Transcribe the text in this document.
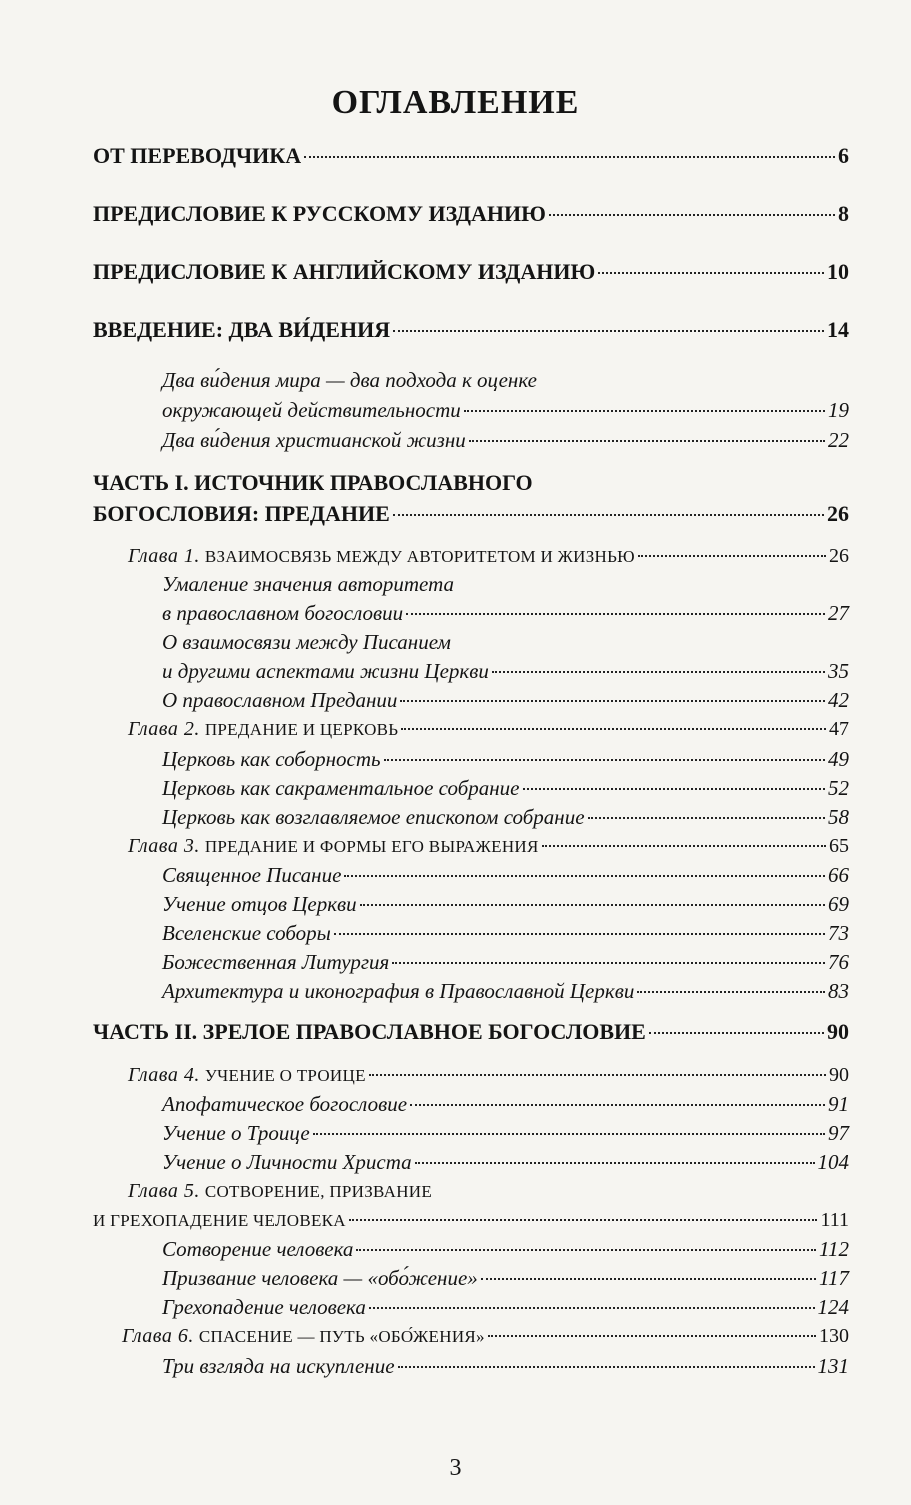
ОГЛАВЛЕНИЕ
ОТ ПЕРЕВОДЧИКА	6
ПРЕДИСЛОВИЕ К РУССКОМУ ИЗДАНИЮ	8
ПРЕДИСЛОВИЕ К АНГЛИЙСКОМУ ИЗДАНИЮ	10
ВВЕДЕНИЕ: ДВА ВИ́ДЕНИЯ	14
Два ви́дения мира — два подхода к оценке
окружающей действительности	19
Два ви́дения христианской жизни	22
ЧАСТЬ I. ИСТОЧНИК ПРАВОСЛАВНОГО
БОГОСЛОВИЯ: ПРЕДАНИЕ	26
Глава 1. ВЗАИМОСВЯЗЬ МЕЖДУ АВТОРИТЕТОМ И ЖИЗНЬЮ	26
Умаление значения авторитета
в православном богословии	27
О взаимосвязи между Писанием
и другими аспектами жизни Церкви	35
О православном Предании	42
Глава 2. ПРЕДАНИЕ И ЦЕРКОВЬ	47
Церковь как соборность	49
Церковь как сакраментальное собрание	52
Церковь как возглавляемое епископом собрание	58
Глава 3. ПРЕДАНИЕ И ФОРМЫ ЕГО ВЫРАЖЕНИЯ	65
Священное Писание	66
Учение отцов Церкви	69
Вселенские соборы	73
Божественная Литургия	76
Архитектура и иконография в Православной Церкви	83
ЧАСТЬ II. ЗРЕЛОЕ ПРАВОСЛАВНОЕ БОГОСЛОВИЕ	90
Глава 4. УЧЕНИЕ О ТРОИЦЕ	90
Апофатическое богословие	91
Учение о Троице	97
Учение о Личности Христа	104
Глава 5. СОТВОРЕНИЕ, ПРИЗВАНИЕ
И ГРЕХОПАДЕНИЕ ЧЕЛОВЕКА	111
Сотворение человека	112
Призвание человека — «обо́жение»	117
Грехопадение человека	124
Глава 6. СПАСЕНИЕ — ПУТЬ «ОБО́ЖЕНИЯ»	130
Три взгляда на искупление	131
3
